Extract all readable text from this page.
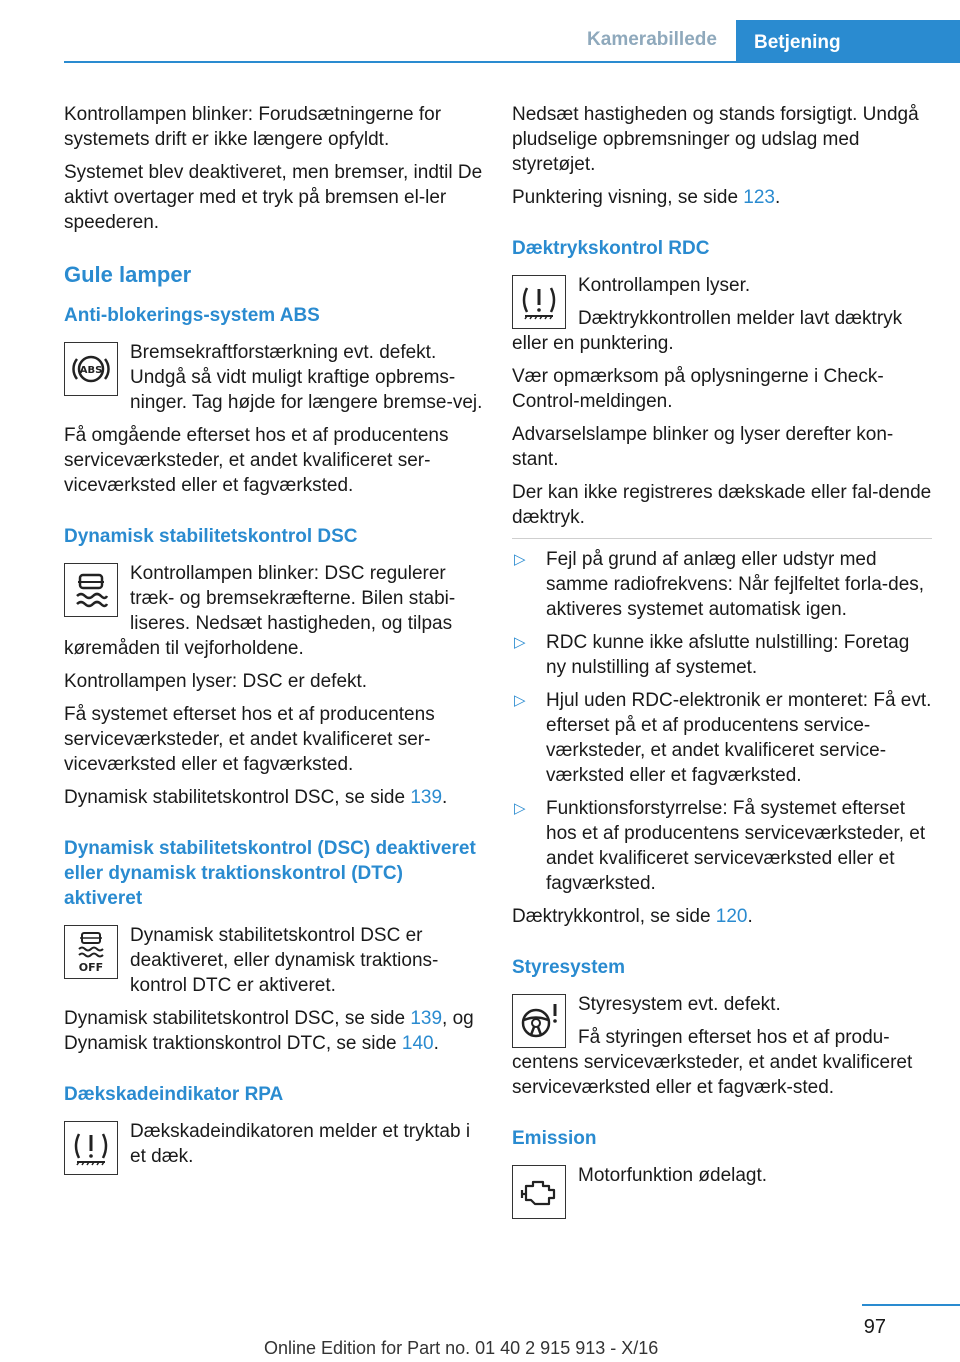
Kamerabillede	Betjening

Kontrollampen blinker: Forudsætningerne for systemets drift er ikke længere opfyldt.

Systemet blev deaktiveret, men bremser, indtil De aktivt overtager med et tryk på bremsen el-ler speederen.

Gule lamper
Anti-blokerings-system ABS
ABS

Bremsekraftforstærkning evt. defekt. Undgå så vidt muligt kraftige opbrems-ninger. Tag højde for længere bremse-vej.

Få omgående efterset hos et af producentens serviceværksteder, et andet kvalificeret ser-viceværksted eller et fagværksted.

Dynamisk stabilitetskontrol DSC

Kontrollampen blinker: DSC regulerer træk- og bremsekræfterne. Bilen stabi-liseres. Nedsæt hastigheden, og tilpas køremåden til vejforholdene.

Kontrollampen lyser: DSC er defekt.

Få systemet efterset hos et af producentens serviceværksteder, et andet kvalificeret ser-viceværksted eller et fagværksted.

Dynamisk stabilitetskontrol DSC, se side 139.

Dynamisk stabilitetskontrol (DSC) deaktiveret eller dynamisk traktionskontrol (DTC) aktiveret
OFF

Dynamisk stabilitetskontrol DSC er deaktiveret, eller dynamisk traktions-kontrol DTC er aktiveret.

Dynamisk stabilitetskontrol DSC, se side 139, og Dynamisk traktionskontrol DTC, se side 140.

Dækskadeindikator RPA

Dækskadeindikatoren melder et tryktab i et dæk.

Nedsæt hastigheden og stands forsigtigt. Undgå pludselige opbremsninger og udslag med styretøjet.

Punktering visning, se side 123.

Dæktrykskontrol RDC

Kontrollampen lyser.

Dæktrykkontrollen melder lavt dæktryk eller en punktering.

Vær opmærksom på oplysningerne i Check-Control-meldingen.

Advarselslampe blinker og lyser derefter kon-stant.

Der kan ikke registreres dækskade eller fal-dende dæktryk.

▷ Fejl på grund af anlæg eller udstyr med samme radiofrekvens: Når fejlfeltet forla-des, aktiveres systemet automatisk igen.
▷ RDC kunne ikke afslutte nulstilling: Foretag ny nulstilling af systemet.
▷ Hjul uden RDC-elektronik er monteret: Få evt. efterset på et af producentens service-værksteder, et andet kvalificeret service-værksted eller et fagværksted.
▷ Funktionsforstyrrelse: Få systemet efterset hos et af producentens serviceværksteder, et andet kvalificeret serviceværksted eller et fagværksted.

Dæktrykkontrol, se side 120.

Styresystem

Styresystem evt. defekt.

Få styringen efterset hos et af produ-centens serviceværksteder, et andet kvalificeret serviceværksted eller et fagværk-sted.

Emission

Motorfunktion ødelagt.

97
Online Edition for Part no. 01 40 2 915 913 - X/16
